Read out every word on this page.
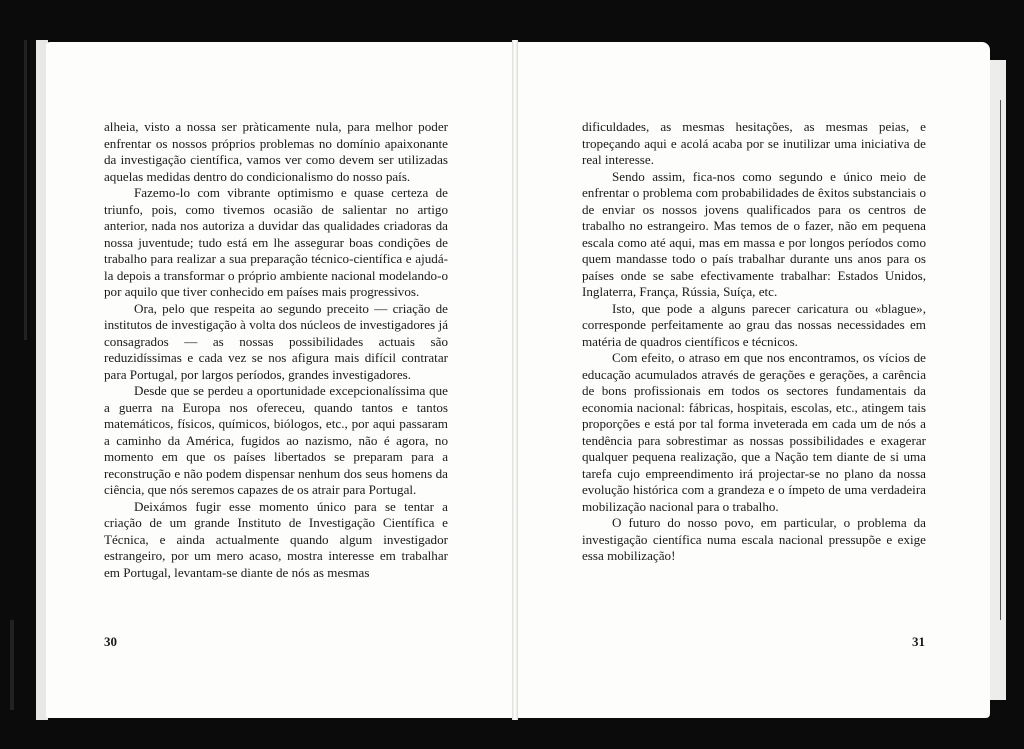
alheia, visto a nossa ser pràticamente nula, para melhor poder enfrentar os nossos próprios problemas no domínio apaixonante da investigação científica, vamos ver como devem ser utilizadas aquelas medidas dentro do condicionalismo do nosso país.

Fazemo-lo com vibrante optimismo e quase certeza de triunfo, pois, como tivemos ocasião de salientar no artigo anterior, nada nos autoriza a duvidar das qualidades criadoras da nossa juventude; tudo está em lhe assegurar boas condições de trabalho para realizar a sua preparação técnico-científica e ajudá-la depois a transformar o próprio ambiente nacional modelando-o por aquilo que tiver conhecido em países mais progressivos.

Ora, pelo que respeita ao segundo preceito — criação de institutos de investigação à volta dos núcleos de investigadores já consagrados — as nossas possibilidades actuais são reduzidíssimas e cada vez se nos afigura mais difícil contratar para Portugal, por largos períodos, grandes investigadores.

Desde que se perdeu a oportunidade excepcionalíssima que a guerra na Europa nos ofereceu, quando tantos e tantos matemáticos, físicos, químicos, biólogos, etc., por aqui passaram a caminho da América, fugidos ao nazismo, não é agora, no momento em que os países libertados se preparam para a reconstrução e não podem dispensar nenhum dos seus homens da ciência, que nós seremos capazes de os atrair para Portugal.

Deixámos fugir esse momento único para se tentar a criação de um grande Instituto de Investigação Científica e Técnica, e ainda actualmente quando algum investigador estrangeiro, por um mero acaso, mostra interesse em trabalhar em Portugal, levantam-se diante de nós as mesmas

dificuldades, as mesmas hesitações, as mesmas peias, e tropeçando aqui e acolá acaba por se inutilizar uma iniciativa de real interesse.

Sendo assim, fica-nos como segundo e único meio de enfrentar o problema com probabilidades de êxitos substanciais o de enviar os nossos jovens qualificados para os centros de trabalho no estrangeiro. Mas temos de o fazer, não em pequena escala como até aqui, mas em massa e por longos períodos como quem mandasse todo o país trabalhar durante uns anos para os países onde se sabe efectivamente trabalhar: Estados Unidos, Inglaterra, França, Rússia, Suíça, etc.

Isto, que pode a alguns parecer caricatura ou «blague», corresponde perfeitamente ao grau das nossas necessidades em matéria de quadros científicos e técnicos.

Com efeito, o atraso em que nos encontramos, os vícios de educação acumulados através de gerações e gerações, a carência de bons profissionais em todos os sectores fundamentais da economia nacional: fábricas, hospitais, escolas, etc., atingem tais proporções e está por tal forma inveterada em cada um de nós a tendência para sobrestimar as nossas possibilidades e exagerar qualquer pequena realização, que a Nação tem diante de si uma tarefa cujo empreendimento irá projectar-se no plano da nossa evolução histórica com a grandeza e o ímpeto de uma verdadeira mobilização nacional para o trabalho.

O futuro do nosso povo, em particular, o problema da investigação científica numa escala nacional pressupõe e exige essa mobilização!

30	31
